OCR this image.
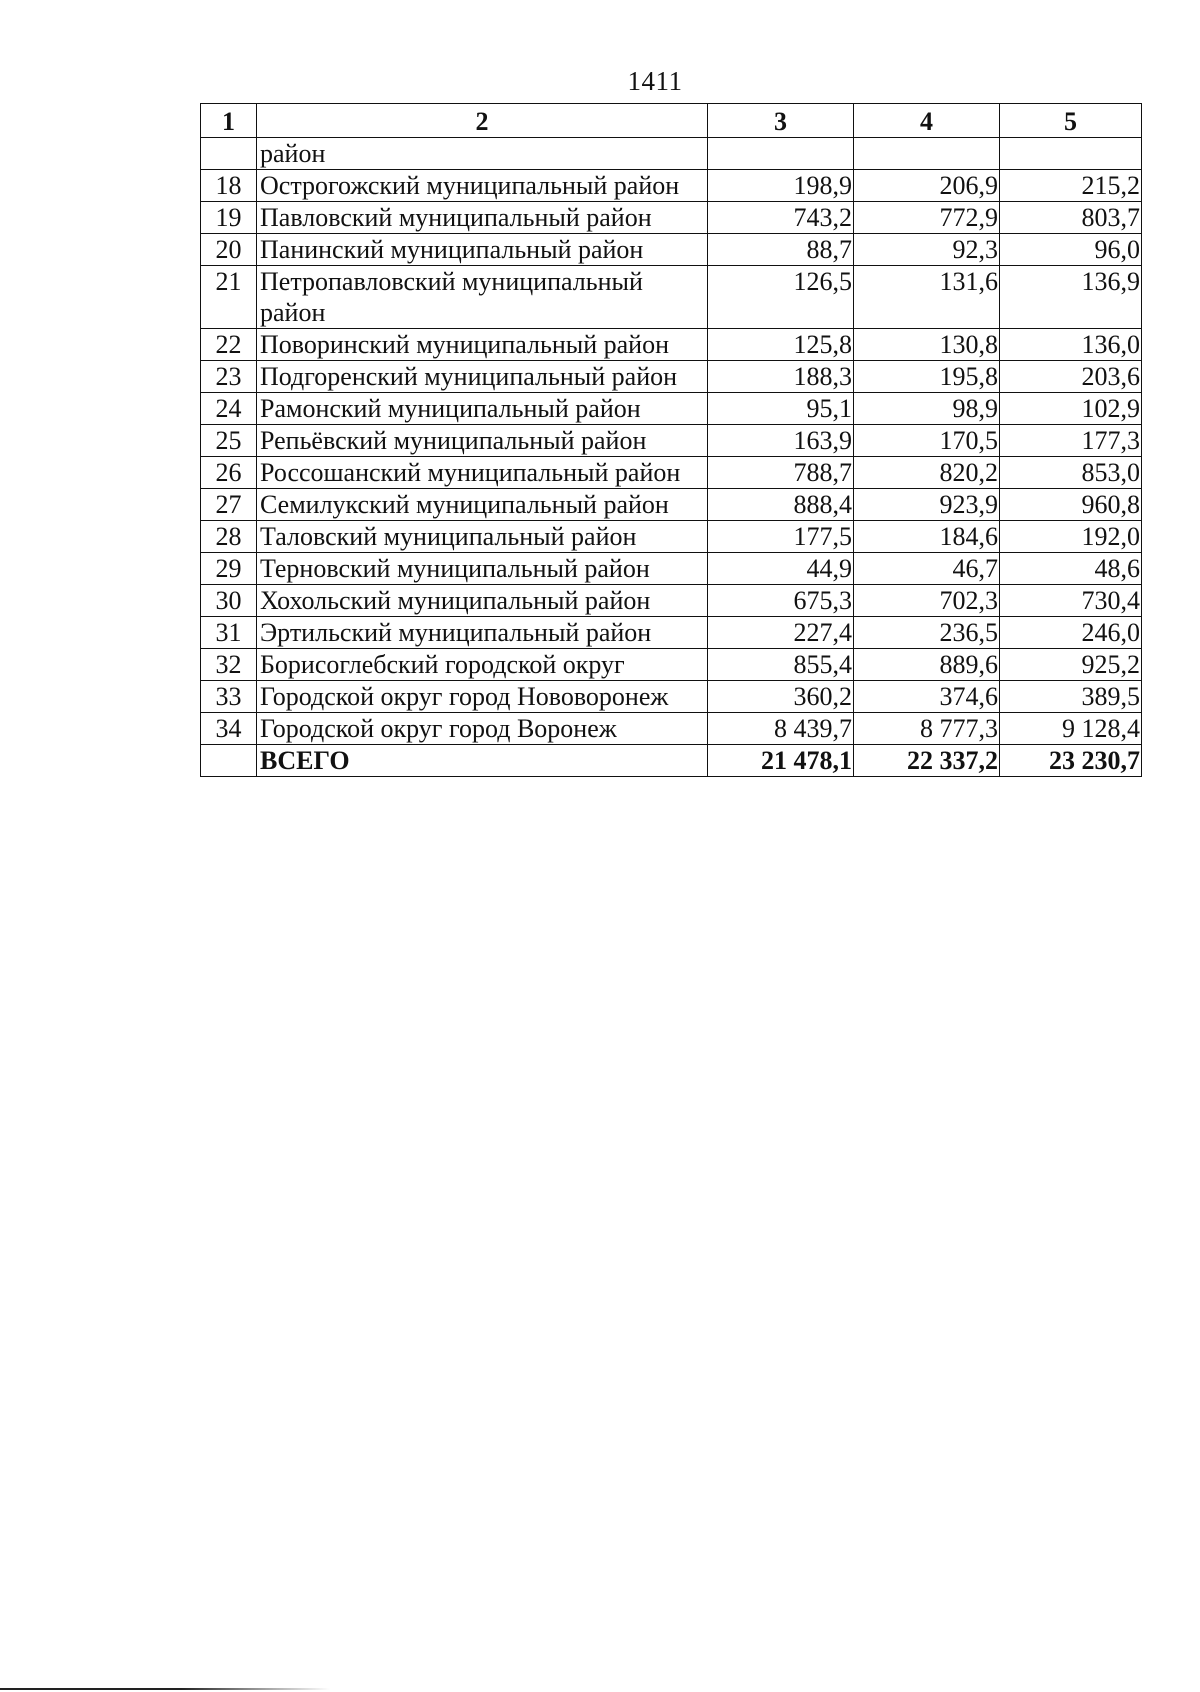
1411
1	2	3	4	5
	район			
18	Острогожский муниципальный район	198,9	206,9	215,2
19	Павловский муниципальный район	743,2	772,9	803,7
20	Панинский муниципальный район	88,7	92,3	96,0
21	Петропавловский муниципальный район	126,5	131,6	136,9
22	Поворинский муниципальный район	125,8	130,8	136,0
23	Подгоренский муниципальный район	188,3	195,8	203,6
24	Рамонский муниципальный район	95,1	98,9	102,9
25	Репьёвский муниципальный район	163,9	170,5	177,3
26	Россошанский муниципальный район	788,7	820,2	853,0
27	Семилукский муниципальный район	888,4	923,9	960,8
28	Таловский муниципальный район	177,5	184,6	192,0
29	Терновский муниципальный район	44,9	46,7	48,6
30	Хохольский муниципальный район	675,3	702,3	730,4
31	Эртильский муниципальный район	227,4	236,5	246,0
32	Борисоглебский городской округ	855,4	889,6	925,2
33	Городской округ город Нововоронеж	360,2	374,6	389,5
34	Городской округ город Воронеж	8 439,7	8 777,3	9 128,4
	ВСЕГО	21 478,1	22 337,2	23 230,7
